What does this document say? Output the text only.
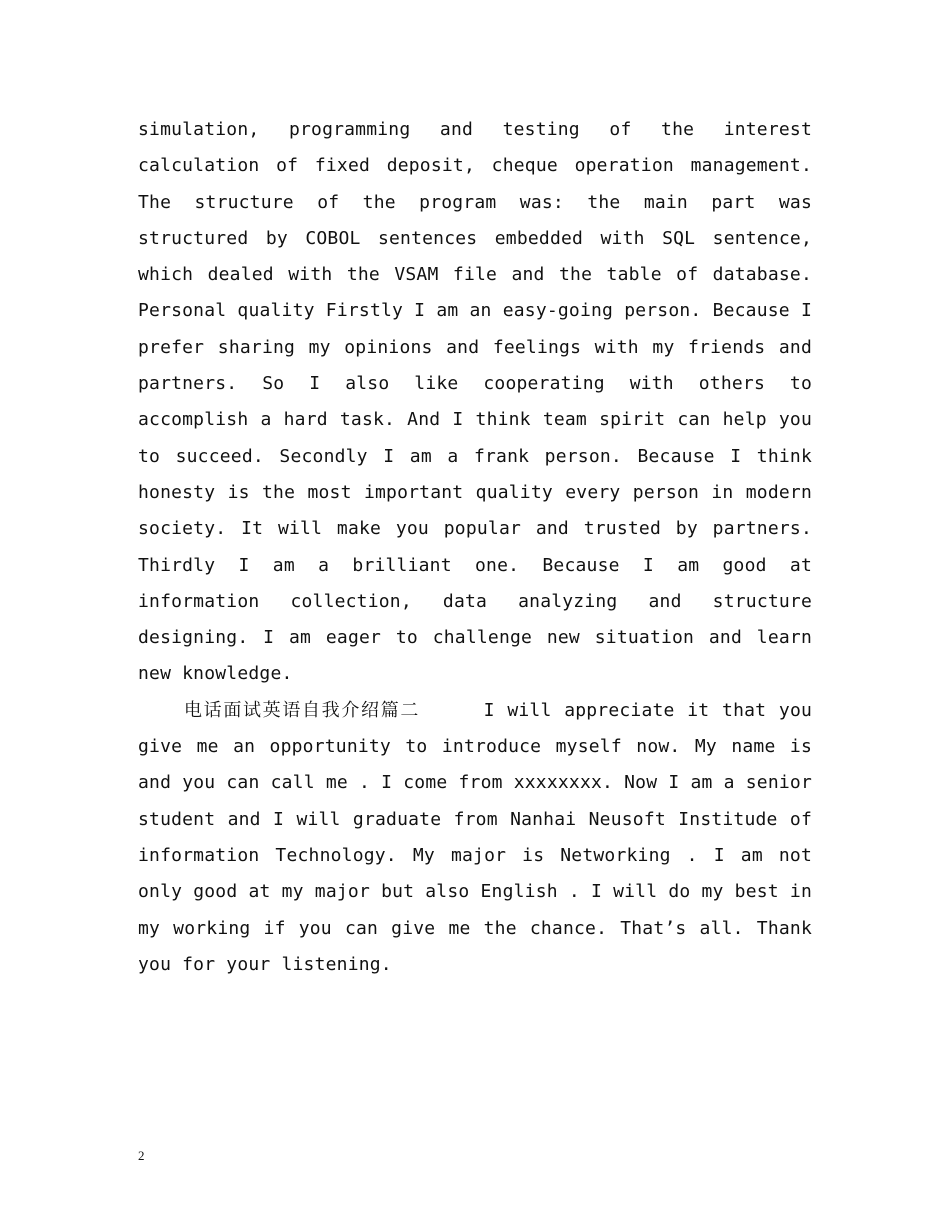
simulation, programming and testing of the interest calculation of fixed deposit, cheque operation management. The structure of the program was: the main part was structured by COBOL sentences embedded with SQL sentence, which dealed with the VSAM file and the table of database. Personal quality Firstly I am an easy-going person. Because I prefer sharing my opinions and feelings with my friends and partners. So I also like cooperating with others to accomplish a hard task. And I think team spirit can help you to succeed. Secondly I am a frank person. Because I think honesty is the most important quality every person in modern society. It will make you popular and trusted by partners. Thirdly I am a brilliant one. Because I am good at information collection, data analyzing and structure designing. I am eager to challenge new situation and learn new knowledge.

电话面试英语自我介绍篇二	I will appreciate it that you give me an opportunity to introduce myself now. My name is and you can call me . I come from xxxxxxxx. Now I am a senior student and I will graduate from Nanhai Neusoft Institude of information Technology. My major is Networking . I am not only good at my major but also English . I will do my best in my working if you can give me the chance. That’s all. Thank you for your listening.

2
